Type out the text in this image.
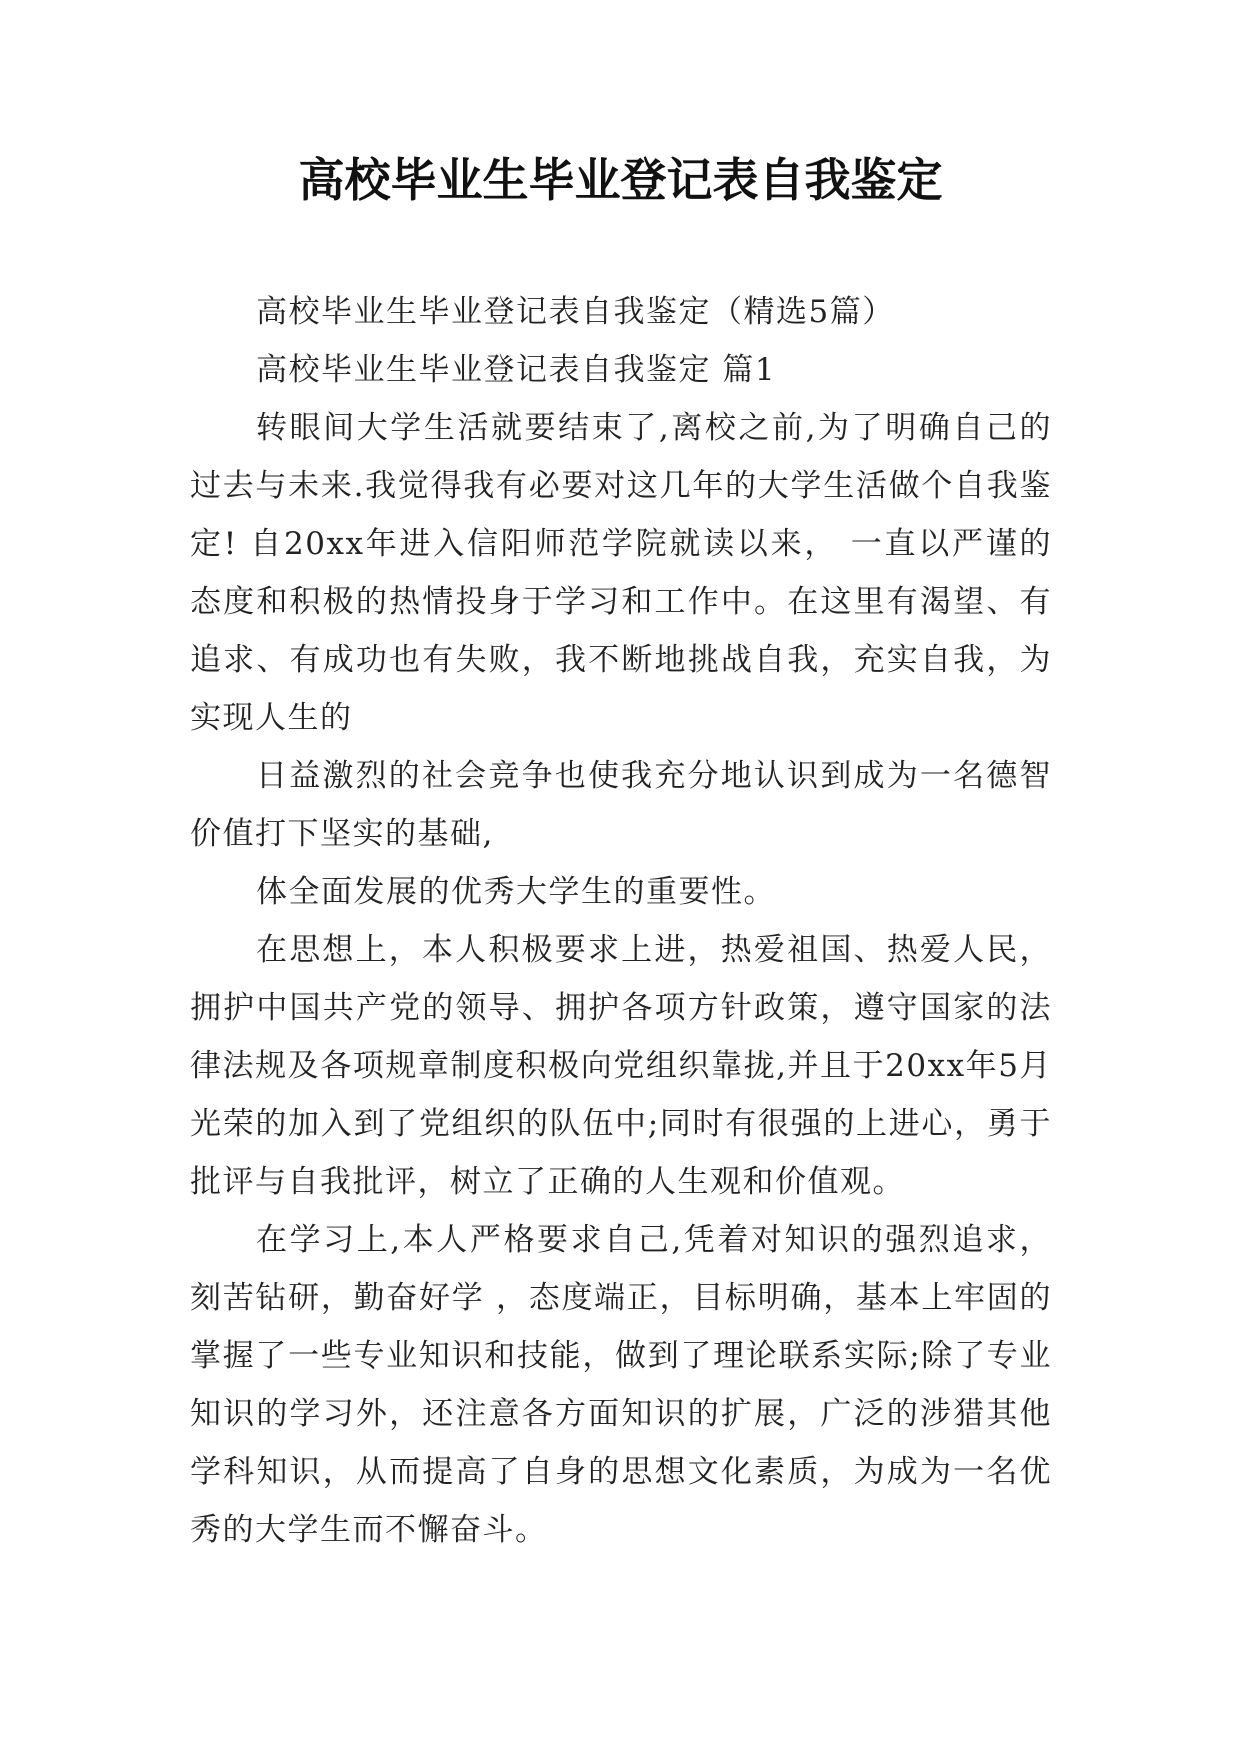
高校毕业生毕业登记表自我鉴定

高校毕业生毕业登记表自我鉴定（精选5篇）

高校毕业生毕业登记表自我鉴定 篇1

转眼间大学生活就要结束了,离校之前,为了明确自己的过去与未来.我觉得我有必要对这几年的大学生活做个自我鉴定! 自20xx年进入信阳师范学院就读以来， 一直以严谨的态度和积极的热情投身于学习和工作中。在这里有渴望、有追求、有成功也有失败，我不断地挑战自我，充实自我，为实现人生的

日益激烈的社会竞争也使我充分地认识到成为一名德智价值打下坚实的基础,

体全面发展的优秀大学生的重要性。

在思想上，本人积极要求上进，热爱祖国、热爱人民，拥护中国共产党的领导、拥护各项方针政策，遵守国家的法律法规及各项规章制度积极向党组织靠拢,并且于20xx年5月光荣的加入到了党组织的队伍中;同时有很强的上进心，勇于批评与自我批评，树立了正确的人生观和价值观。

在学习上,本人严格要求自己,凭着对知识的强烈追求，刻苦钻研，勤奋好学 ，态度端正，目标明确，基本上牢固的掌握了一些专业知识和技能，做到了理论联系实际;除了专业知识的学习外，还注意各方面知识的扩展，广泛的涉猎其他学科知识，从而提高了自身的思想文化素质，为成为一名优秀的大学生而不懈奋斗。
